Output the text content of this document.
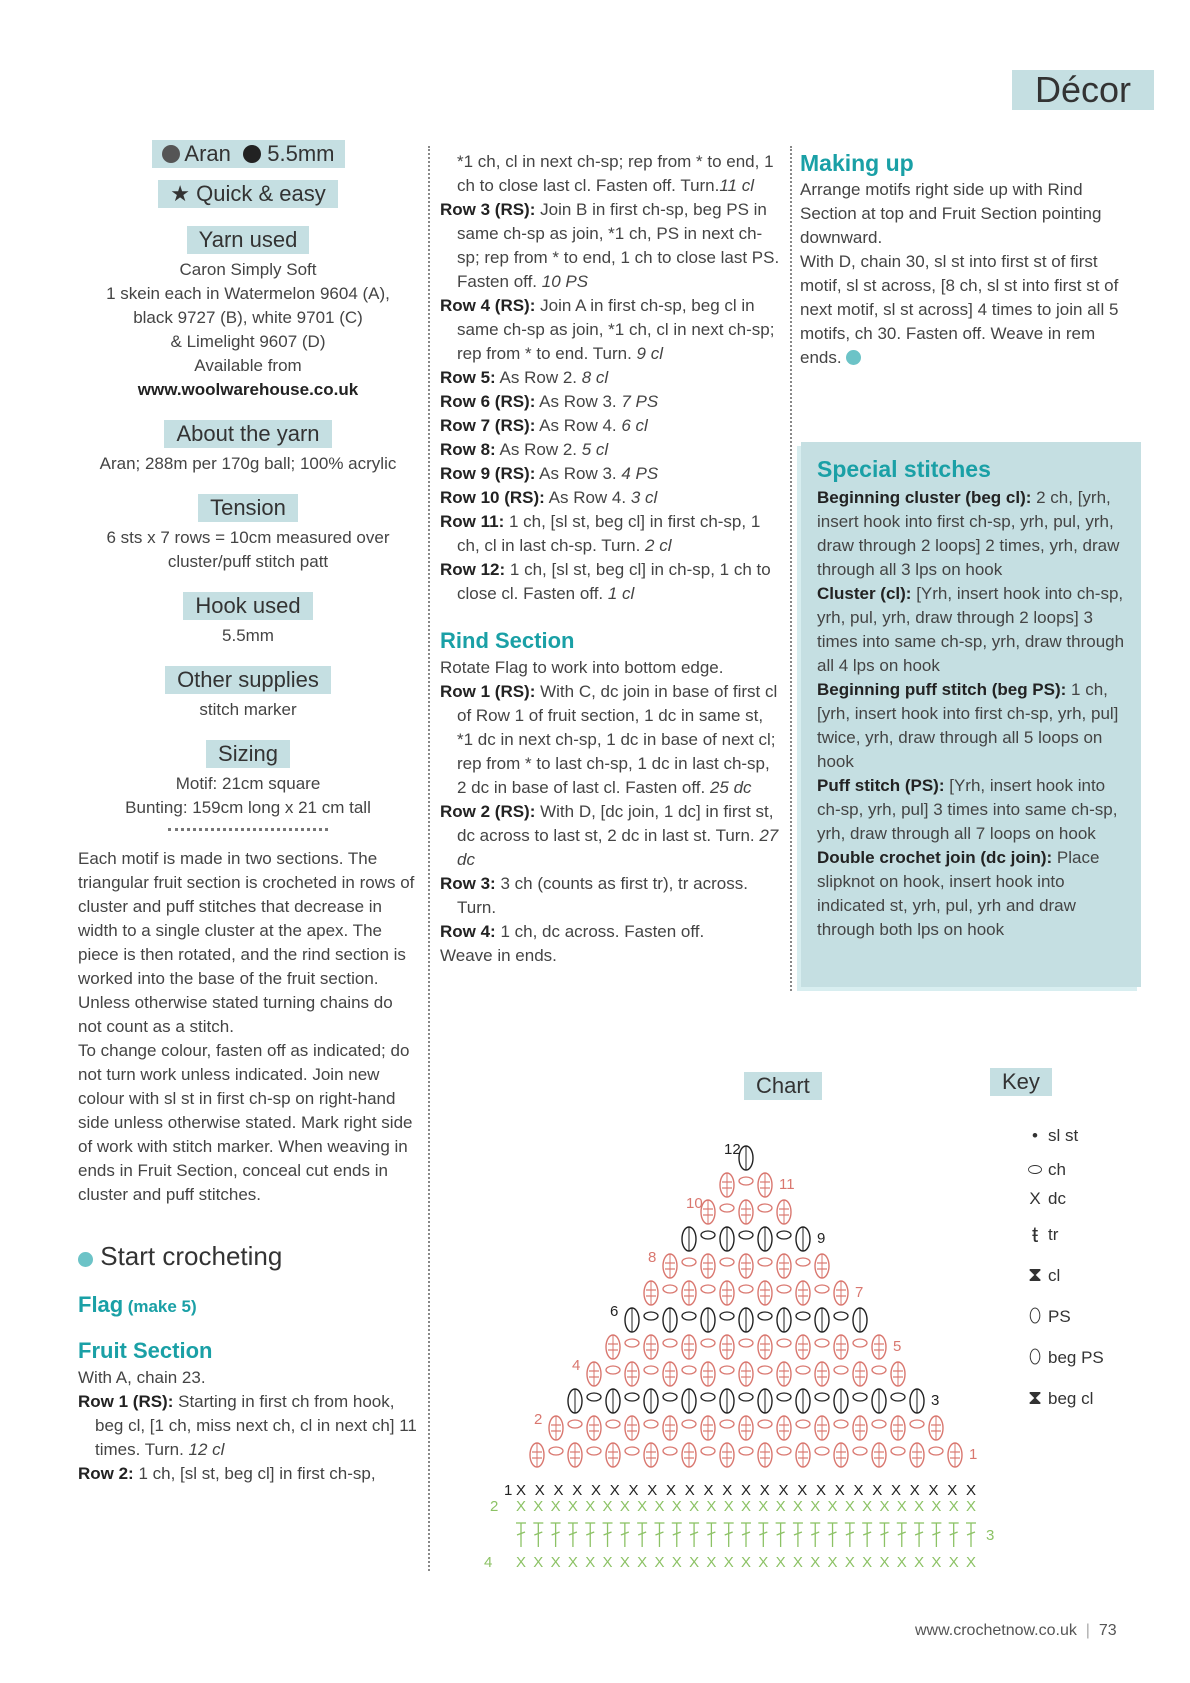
Décor
Aran 5.5mm
★ Quick & easy
Yarn used

Caron Simply Soft

1 skein each in Watermelon 9604 (A),

black 9727 (B), white 9701 (C)

& Limelight 9607 (D)

Available from

www.woolwarehouse.co.uk

About the yarn

Aran; 288m per 170g ball; 100% acrylic

Tension

6 sts x 7 rows = 10cm measured over

cluster/puff stitch patt

Hook used

5.5mm

Other supplies

stitch marker

Sizing

Motif: 21cm square

Bunting: 159cm long x 21 cm tall

Each motif is made in two sections. The triangular fruit section is crocheted in rows of cluster and puff stitches that decrease in width to a single cluster at the apex. The piece is then rotated, and the rind section is worked into the base of the fruit section. Unless otherwise stated turning chains do not count as a stitch.

To change colour, fasten off as indicated; do not turn work unless indicated. Join new colour with sl st in first ch-sp on right-hand side unless otherwise stated. Mark right side of work with stitch marker. When weaving in ends in Fruit Section, conceal cut ends in cluster and puff stitches.

Start crocheting
Flag (make 5)
Fruit Section

With A, chain 23.

Row 1 (RS): Starting in first ch from hook, beg cl, [1 ch, miss next ch, cl in next ch] 11 times. Turn. 12 cl

Row 2: 1 ch, [sl st, beg cl] in first ch-sp,

*1 ch, cl in next ch-sp; rep from * to end, 1 ch to close last cl. Fasten off. Turn.11 cl

Row 3 (RS): Join B in first ch-sp, beg PS in same ch-sp as join, *1 ch, PS in next ch-sp; rep from * to end, 1 ch to close last PS. Fasten off. 10 PS

Row 4 (RS): Join A in first ch-sp, beg cl in same ch-sp as join, *1 ch, cl in next ch-sp; rep from * to end. Turn. 9 cl

Row 5: As Row 2. 8 cl

Row 6 (RS): As Row 3. 7 PS

Row 7 (RS): As Row 4. 6 cl

Row 8: As Row 2. 5 cl

Row 9 (RS): As Row 3. 4 PS

Row 10 (RS): As Row 4. 3 cl

Row 11: 1 ch, [sl st, beg cl] in first ch-sp, 1 ch, cl in last ch-sp. Turn. 2 cl

Row 12: 1 ch, [sl st, beg cl] in ch-sp, 1 ch to close cl. Fasten off. 1 cl

Rind Section

Rotate Flag to work into bottom edge.

Row 1 (RS): With C, dc join in base of first cl of Row 1 of fruit section, 1 dc in same st, *1 dc in next ch-sp, 1 dc in base of next cl; rep from * to last ch-sp, 1 dc in last ch-sp, 2 dc in base of last cl. Fasten off. 25 dc

Row 2 (RS): With D, [dc join, 1 dc] in first st, dc across to last st, 2 dc in last st. Turn. 27 dc

Row 3: 3 ch (counts as first tr), tr across. Turn.

Row 4: 1 ch, dc across. Fasten off.

Weave in ends.

Making up

Arrange motifs right side up with Rind Section at top and Fruit Section pointing downward.

With D, chain 30, sl st into first st of first motif, sl st across, [8 ch, sl st into first st of next motif, sl st across] 4 times to join all 5 motifs, ch 30. Fasten off. Weave in rem ends.

Special stitches

Beginning cluster (beg cl): 2 ch, [yrh, insert hook into first ch-sp, yrh, pul, yrh, draw through 2 loops] 2 times, yrh, draw through all 3 lps on hook

Cluster (cl): [Yrh, insert hook into ch-sp, yrh, pul, yrh, draw through 2 loops] 3 times into same ch-sp, yrh, draw through all 4 lps on hook

Beginning puff stitch (beg PS): 1 ch, [yrh, insert hook into first ch-sp, yrh, pul] twice, yrh, draw through all 5 loops on hook

Puff stitch (PS): [Yrh, insert hook into ch-sp, yrh, pul] 3 times into same ch-sp, yrh, draw through all 7 loops on hook

Double crochet join (dc join): Place slipknot on hook, insert hook into indicated st, yrh, pul, yrh and draw through both lps on hook

Chart	Key
X X X X X X X X X X X X X X X X X X X X X X X X X
X X X X X X X X X X X X X X X X X X X X X X X X X X X
X X X X X X X X X X X X X X X X X X X X X X X X X X X
1
2
3
4
5
6
7
8
9
10
11
12
1
2
3
4
• sl st
⬭ ch
X dc
ŧ tr
⧗ cl
⬯ PS
⬯ beg PS
⧗ beg cl
www.crochetnow.co.uk  |  73
